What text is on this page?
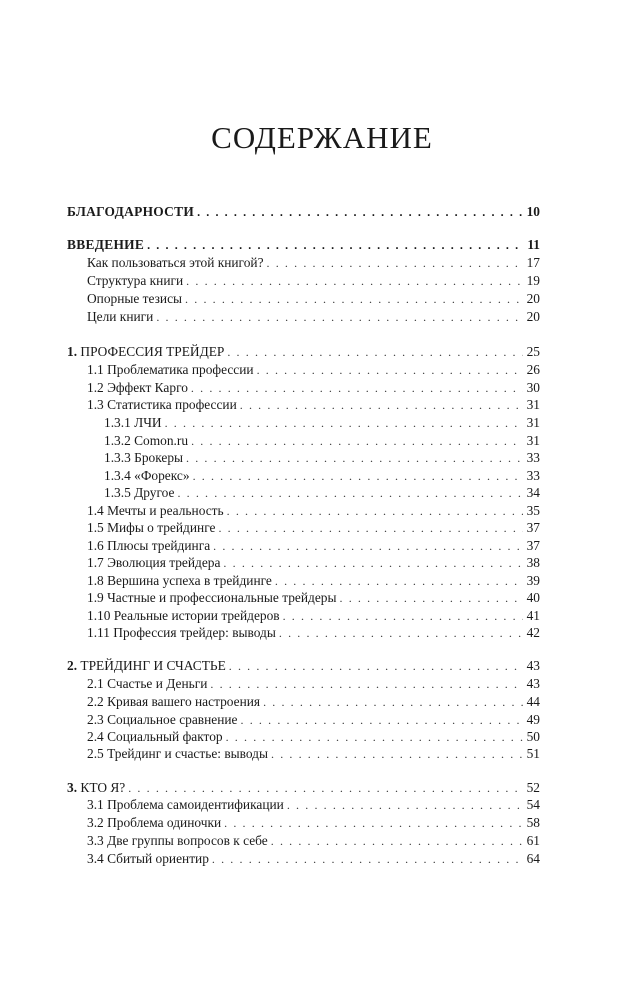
СОДЕРЖАНИЕ
БЛАГОДАРНОСТИ . . .	10
ВВЕДЕНИЕ . . .	11
Как пользоваться этой книгой? . . .	17
Структура книги . . .	19
Опорные тезисы . . .	20
Цели книги . . .	20
1. ПРОФЕССИЯ ТРЕЙДЕР . . .	25
1.1 Проблематика профессии . . .	26
1.2 Эффект Карго . . .	30
1.3 Статистика профессии . . .	31
1.3.1 ЛЧИ . . .	31
1.3.2 Comon.ru . . .	31
1.3.3 Брокеры . . .	33
1.3.4 «Форекс» . . .	33
1.3.5 Другое . . .	34
1.4 Мечты и реальность . . .	35
1.5 Мифы о трейдинге . . .	37
1.6 Плюсы трейдинга . . .	37
1.7 Эволюция трейдера . . .	38
1.8 Вершина успеха в трейдинге . . .	39
1.9 Частные и профессиональные трейдеры . . .	40
1.10 Реальные истории трейдеров . . .	41
1.11 Профессия трейдер: выводы . . .	42
2. ТРЕЙДИНГ И СЧАСТЬЕ . . .	43
2.1 Счастье и Деньги . . .	43
2.2 Кривая вашего настроения . . .	44
2.3 Социальное сравнение . . .	49
2.4 Социальный фактор . . .	50
2.5 Трейдинг и счастье: выводы . . .	51
3. КТО Я? . . .	52
3.1 Проблема самоидентификации . . .	54
3.2 Проблема одиночки . . .	58
3.3 Две группы вопросов к себе . . .	61
3.4 Сбитый ориентир . . .	64
